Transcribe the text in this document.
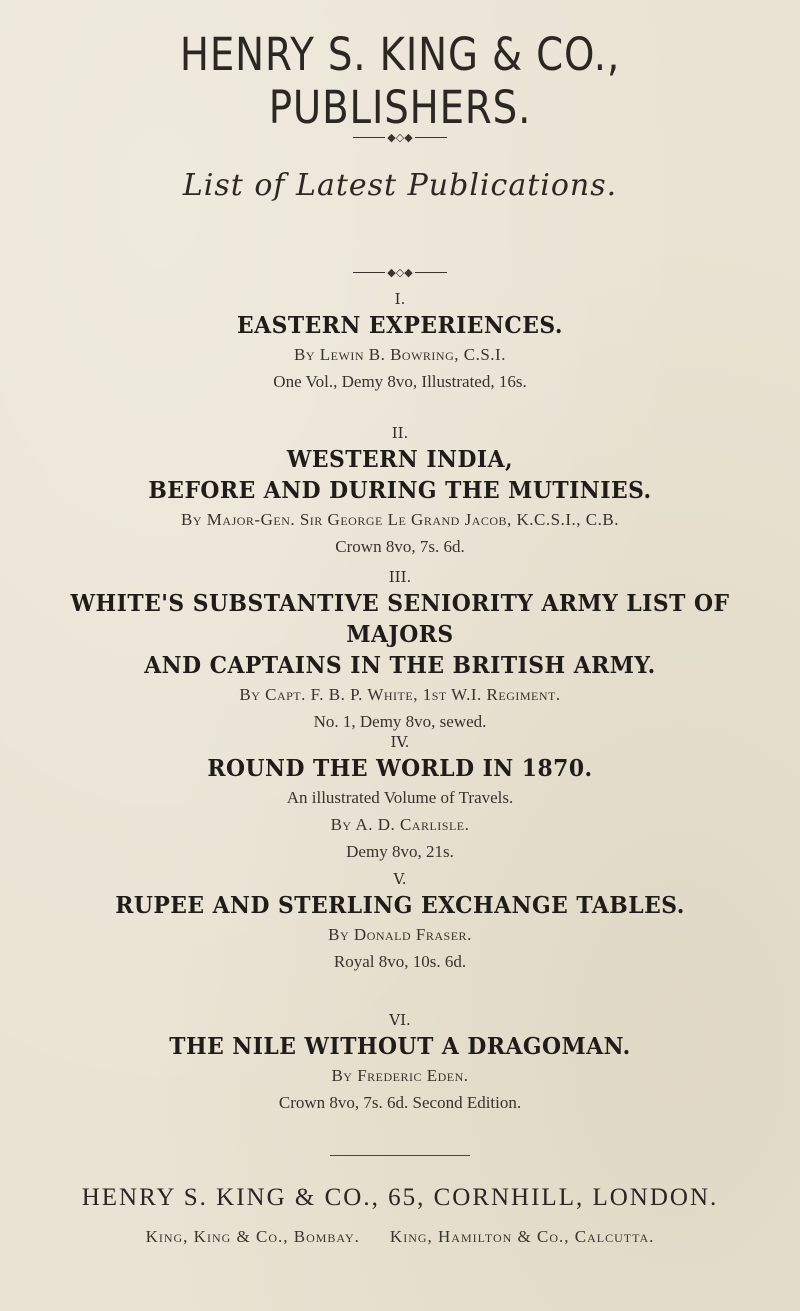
HENRY S. KING & CO., PUBLISHERS.
◆◇◆
List of Latest Publications.
◆◇◆
I.
EASTERN EXPERIENCES.
By Lewin B. Bowring, C.S.I.
One Vol., Demy 8vo, Illustrated, 16s.
II.
WESTERN INDIA,
BEFORE AND DURING THE MUTINIES.
By Major-Gen. Sir George Le Grand Jacob, K.C.S.I., C.B.
Crown 8vo, 7s. 6d.
III.
WHITE'S SUBSTANTIVE SENIORITY ARMY LIST OF MAJORS
AND CAPTAINS IN THE BRITISH ARMY.
By Capt. F. B. P. White, 1st W.I. Regiment.
No. 1, Demy 8vo, sewed.
IV.
ROUND THE WORLD IN 1870.
An illustrated Volume of Travels.
By A. D. Carlisle.
Demy 8vo, 21s.
V.
RUPEE AND STERLING EXCHANGE TABLES.
By Donald Fraser.
Royal 8vo, 10s. 6d.
VI.
THE NILE WITHOUT A DRAGOMAN.
By Frederic Eden.
Crown 8vo, 7s. 6d. Second Edition.
HENRY S. KING & CO., 65, CORNHILL, LONDON.
King, King & Co., Bombay. King, Hamilton & Co., Calcutta.
